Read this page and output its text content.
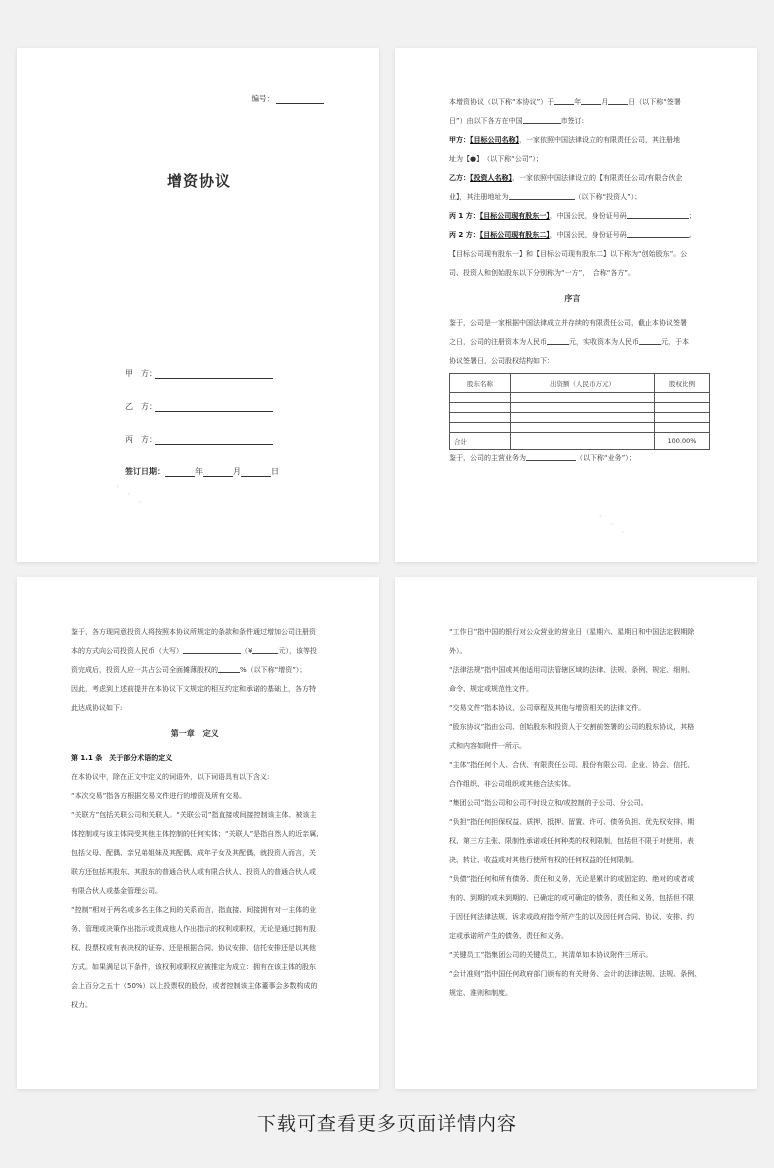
编号：
增资协议
甲　方：
乙　方：
丙　方：
签订日期：	年	月	日
· · ·

本增资协议（以下称“本协议”）于	年	月	日（以下称“签署

日”）由以下各方在中国	市签订:

甲方：【目标公司名称】，一家依照中国法律设立的有限责任公司，其注册地

址为【●】　（以下称“公司”）；

乙方：【投资人名称】，一家依照中国法律设立的【有限责任公司/有限合伙企

业】，其注册地址为	（以下称“投资人”）；

丙 1 方：【目标公司现有股东一】，中国公民，身份证号码	；

丙 2 方：【目标公司现有股东二】，中国公民，身份证号码	。

【目标公司现有股东一】和【目标公司现有股东二】以下称为“创始股东”。公

司、投资人和创始股东以下分别称为“一方”，　合称“各方”。

序言

鉴于，公司是一家根据中国法律成立并存续的有限责任公司，截止本协议签署

之日，公司的注册资本为人民币	元，实收资本为人民币	元，于本

协议签署日，公司股权结构如下：

股东名称	出资额（人民币万元）	股权比例

合计		100.00%

鉴于，公司的主营业务为	（以下称“业务”）；

· · ·

鉴于，各方现同意投资人将按照本协议所规定的条款和条件通过增加公司注册资

本的方式向公司投资人民币（大写）	（¥	元），该等投

资完成后，投资人应一共占公司全面摊薄股权的	%（以下称“增资”）；

因此，考虑到上述前提并在本协议下文规定的相互约定和承诺的基础上，各方特

此达成协议如下:

第一章　定义

第 1.1 条　关于部分术语的定义

在本协议中，除在正文中定义的词语外，以下词语具有以下含义:

“本次交易”指各方根据交易文件进行的增资及所有交易。

“关联方”包括关联公司和关联人。“关联公司”指直接或间接控制该主体、被该主

体控制或与该主体同受其他主体控制的任何实体；“关联人”是指自然人的近亲属,

包括父母、配偶、亲兄弟姐妹及其配偶、成年子女及其配偶，就投资人而言，关

联方还包括其股东、其股东的普通合伙人或有限合伙人、投资人的普通合伙人或

有限合伙人或基金管理公司。

“控制”相对于两名或多名主体之间的关系而言，指直接、间接拥有对一主体的业

务、管理或决策作出指示或责成他人作出指示的权利或职权，无论是通过拥有股

权、投票权或有表决权的证券、还是根据合同、协议安排、信托安排还是以其他

方式。如果满足以下条件，该权利或职权应被推定为成立：拥有在该主体的股东

会上百分之五十（50%）以上投票权的股份，或者控制该主体董事会多数构成的

权力。

“工作日”指中国的银行对公众营业的营业日（星期六、星期日和中国法定假期除

外）。

“法律法规”指中国或其他适用司法管辖区域的法律、法规、条例、规定、细则、

命令、规定或规范性文件。

“交易文件”指本协议、公司章程及其他与增资相关的法律文件。

“股东协议”指由公司、创始股东和投资人于交割前签署的公司的股东协议，其格

式和内容如附件一所示。

“主体”指任何个人、合伙、有限责任公司、股份有限公司、企业、协会、信托、

合作组织、非公司组织或其他合法实体。

“集团公司”指公司和公司不时设立和/或控制的子公司、分公司。

“负担”指任何担保权益、质押、抵押、留置、许可、债务负担、优先权安排、期

权、第三方主张、限制性承诺或任何种类的权利限制，包括但不限于对使用、表

决、转让、收益或对其他行使所有权的任何权益的任何限制。

“负债”指任何和所有债务、责任和义务，无论是累计的或固定的、绝对的或者或

有的、到期的或未到期的、已确定的或可确定的债务、责任和义务，包括但不限

于因任何法律法规、诉求或政府指令所产生的以及因任何合同、协议、安排、约

定或承诺所产生的债务、责任和义务。

“关键员工”指集团公司的关键员工，其清单如本协议附件三所示。

“会计准则”指中国任何政府部门颁布的有关财务、会计的法律法规、法规、条例、

规定、准则和制度。

下载可查看更多页面详情内容
